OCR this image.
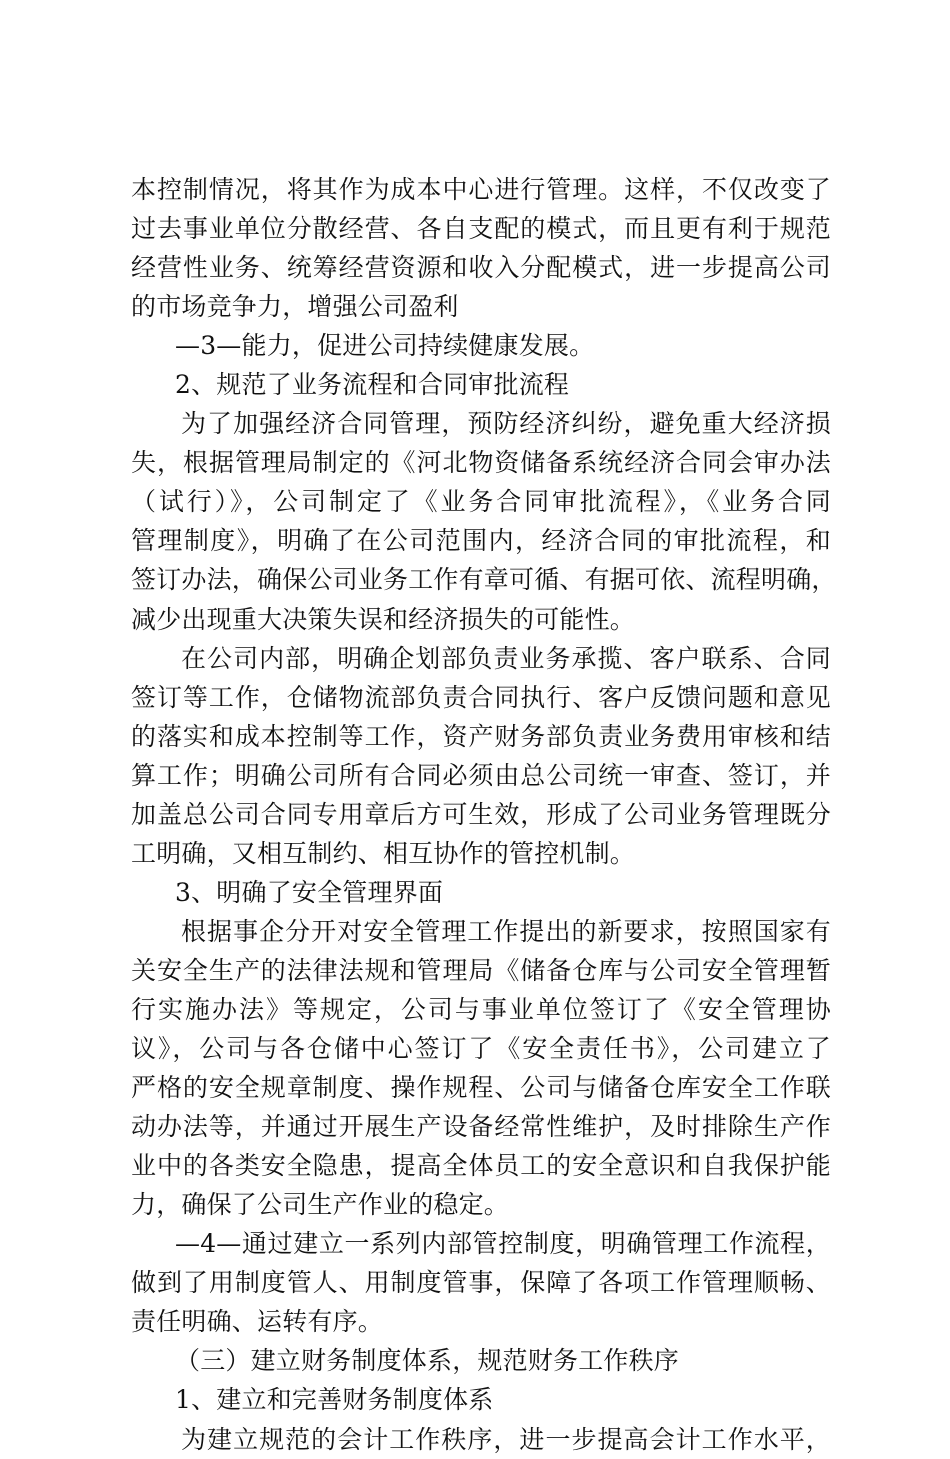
本控制情况，将其作为成本中心进行管理。这样，不仅改变了
过去事业单位分散经营、各自支配的模式，而且更有利于规范
经营性业务、统筹经营资源和收入分配模式，进一步提高公司
的市场竞争力，增强公司盈利
—3—能力，促进公司持续健康发展。
2、规范了业务流程和合同审批流程
为了加强经济合同管理，预防经济纠纷，避免重大经济损
失，根据管理局制定的《河北物资储备系统经济合同会审办法
（试行）》，公司制定了《业务合同审批流程》，《业务合同
管理制度》，明确了在公司范围内，经济合同的审批流程，和
签订办法，确保公司业务工作有章可循、有据可依、流程明确，
减少出现重大决策失误和经济损失的可能性。
在公司内部，明确企划部负责业务承揽、客户联系、合同
签订等工作，仓储物流部负责合同执行、客户反馈问题和意见
的落实和成本控制等工作，资产财务部负责业务费用审核和结
算工作；明确公司所有合同必须由总公司统一审查、签订，并
加盖总公司合同专用章后方可生效，形成了公司业务管理既分
工明确，又相互制约、相互协作的管控机制。
3、明确了安全管理界面
根据事企分开对安全管理工作提出的新要求，按照国家有
关安全生产的法律法规和管理局《储备仓库与公司安全管理暂
行实施办法》等规定，公司与事业单位签订了《安全管理协
议》，公司与各仓储中心签订了《安全责任书》，公司建立了
严格的安全规章制度、操作规程、公司与储备仓库安全工作联
动办法等，并通过开展生产设备经常性维护，及时排除生产作
业中的各类安全隐患，提高全体员工的安全意识和自我保护能
力，确保了公司生产作业的稳定。
—4—通过建立一系列内部管控制度，明确管理工作流程，
做到了用制度管人、用制度管事，保障了各项工作管理顺畅、
责任明确、运转有序。
（三）建立财务制度体系，规范财务工作秩序
1、建立和完善财务制度体系
为建立规范的会计工作秩序，进一步提高会计工作水平，
